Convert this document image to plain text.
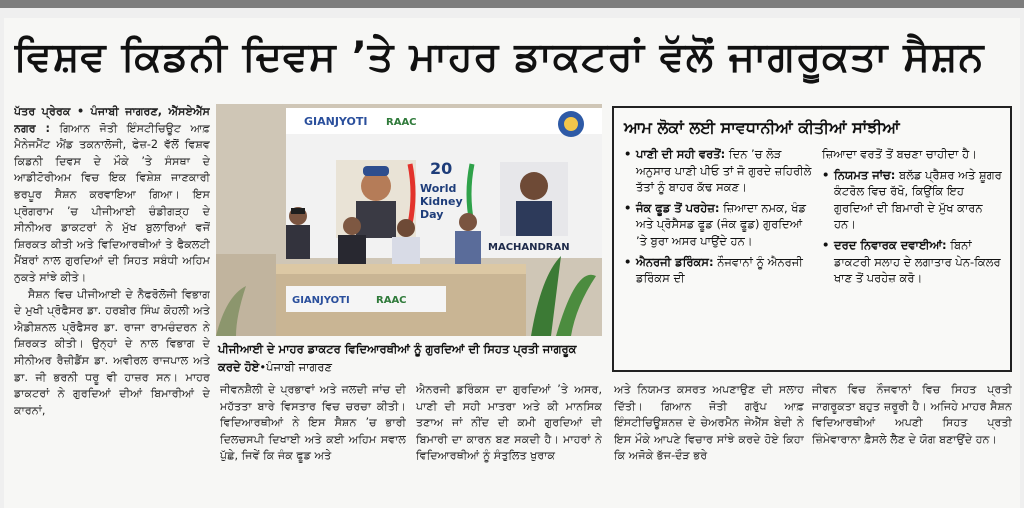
ਵਿਸ਼ਵ ਕਿਡਨੀ ਦਿਵਸ ’ਤੇ ਮਾਹਰ ਡਾਕਟਰਾਂ ਵੱਲੋਂ ਜਾਗਰੂਕਤਾ ਸੈਸ਼ਨ

ਪੱਤਰ ਪ੍ਰੇਰਕ • ਪੰਜਾਬੀ ਜਾਗਰਣ, ਐੱਸਏਐੱਸ ਨਗਰ : ਗਿਆਨ ਜੋਤੀ ਇੰਸਟੀਚਿਊਟ ਆਫ਼ ਮੈਨੇਜਮੈਂਟ ਐਂਡ ਤਕਨਾਲੋਜੀ, ਫੇਜ਼-2 ਵੱਲੋਂ ਵਿਸ਼ਵ ਕਿਡਨੀ ਦਿਵਸ ਦੇ ਮੌਕੇ ’ਤੇ ਸੰਸਥਾ ਦੇ ਆਡੀਟੋਰੀਅਮ ਵਿਚ ਇਕ ਵਿਸ਼ੇਸ਼ ਜਾਣਕਾਰੀ ਭਰਪੂਰ ਸੈਸ਼ਨ ਕਰਵਾਇਆ ਗਿਆ। ਇਸ ਪ੍ਰੋਗਰਾਮ ’ਚ ਪੀਜੀਆਈ ਚੰਡੀਗੜ੍ਹ ਦੇ ਸੀਨੀਅਰ ਡਾਕਟਰਾਂ ਨੇ ਮੁੱਖ ਬੁਲਾਰਿਆਂ ਵਜੋਂ ਸ਼ਿਰਕਤ ਕੀਤੀ ਅਤੇ ਵਿਦਿਆਰਥੀਆਂ ਤੇ ਫੈਕਲਟੀ ਮੈਂਬਰਾਂ ਨਾਲ ਗੁਰਦਿਆਂ ਦੀ ਸਿਹਤ ਸਬੰਧੀ ਅਹਿਮ ਨੁਕਤੇ ਸਾਂਝੇ ਕੀਤੇ।

ਸੈਸ਼ਨ ਵਿਚ ਪੀਜੀਆਈ ਦੇ ਨੈਫਰੋਲੋਜੀ ਵਿਭਾਗ ਦੇ ਮੁਖੀ ਪ੍ਰੋਫੈਸਰ ਡਾ. ਹਰਬੀਰ ਸਿੰਘ ਕੋਹਲੀ ਅਤੇ ਐਡੀਸ਼ਨਲ ਪ੍ਰੋਫੈਸਰ ਡਾ. ਰਾਜਾ ਰਾਮਚੰਦਰਨ ਨੇ ਸ਼ਿਰਕਤ ਕੀਤੀ। ਉਨ੍ਹਾਂ ਦੇ ਨਾਲ ਵਿਭਾਗ ਦੇ ਸੀਨੀਅਰ ਰੈਜ਼ੀਡੈਂਸ ਡਾ. ਅਵੀਰਲ ਰਾਜਪਾਲ ਅਤੇ ਡਾ. ਜੀ ਭਰਨੀ ਧਰੂ ਵੀ ਹਾਜ਼ਰ ਸਨ। ਮਾਹਰ ਡਾਕਟਰਾਂ ਨੇ ਗੁਰਦਿਆਂ ਦੀਆਂ ਬਿਮਾਰੀਆਂ ਦੇ ਕਾਰਨਾਂ,

GIANJYOTI RAAC
20
World
Kidney
Day
MACHANDRAN
GIANJYOTI	RAAC
ਪੀਜੀਆਈ ਦੇ ਮਾਹਰ ਡਾਕਟਰ ਵਿਦਿਆਰਥੀਆਂ ਨੂੰ ਗੁਰਦਿਆਂ ਦੀ ਸਿਹਤ ਪ੍ਰਤੀ ਜਾਗਰੂਕ ਕਰਦੇ ਹੋਏ•ਪੰਜਾਬੀ ਜਾਗਰਣ
ਆਮ ਲੋਕਾਂ ਲਈ ਸਾਵਧਾਨੀਆਂ ਕੀਤੀਆਂ ਸਾਂਝੀਆਂ

• ਪਾਣੀ ਦੀ ਸਹੀ ਵਰਤੋਂ: ਦਿਨ ’ਚ ਲੋੜ ਅਨੁਸਾਰ ਪਾਣੀ ਪੀਓ ਤਾਂ ਜੋ ਗੁਰਦੇ ਜ਼ਹਿਰੀਲੇ ਤੱਤਾਂ ਨੂੰ ਬਾਹਰ ਕੱਢ ਸਕਣ।

• ਜੰਕ ਫੂਡ ਤੋਂ ਪਰਹੇਜ਼: ਜ਼ਿਆਦਾ ਨਮਕ, ਖੰਡ ਅਤੇ ਪ੍ਰੋਸੈਸਡ ਫੂਡ (ਜੰਕ ਫੂਡ) ਗੁਰਦਿਆਂ ’ਤੇ ਬੁਰਾ ਅਸਰ ਪਾਉਂਦੇ ਹਨ।

• ਐਨਰਜੀ ਡਰਿੰਕਸ: ਨੌਜਵਾਨਾਂ ਨੂੰ ਐਨਰਜੀ ਡਰਿੰਕਸ ਦੀ

ਜ਼ਿਆਦਾ ਵਰਤੋਂ ਤੋਂ ਬਚਣਾ ਚਾਹੀਦਾ ਹੈ।

• ਨਿਯਮਤ ਜਾਂਚ: ਬਲੱਡ ਪ੍ਰੈਸ਼ਰ ਅਤੇ ਸ਼ੂਗਰ ਕੰਟਰੋਲ ਵਿਚ ਰੱਖੋ, ਕਿਉਂਕਿ ਇਹ ਗੁਰਦਿਆਂ ਦੀ ਬਿਮਾਰੀ ਦੇ ਮੁੱਖ ਕਾਰਨ ਹਨ।

• ਦਰਦ ਨਿਵਾਰਕ ਦਵਾਈਆਂ: ਬਿਨਾਂ ਡਾਕਟਰੀ ਸਲਾਹ ਦੇ ਲਗਾਤਾਰ ਪੇਨ-ਕਿਲਰ ਖਾਣ ਤੋਂ ਪਰਹੇਜ਼ ਕਰੋ।

ਜੀਵਨਸ਼ੈਲੀ ਦੇ ਪ੍ਰਭਾਵਾਂ ਅਤੇ ਜਲਦੀ ਜਾਂਚ ਦੀ ਮਹੱਤਤਾ ਬਾਰੇ ਵਿਸਤਾਰ ਵਿਚ ਚਰਚਾ ਕੀਤੀ। ਵਿਦਿਆਰਥੀਆਂ ਨੇ ਇਸ ਸੈਸ਼ਨ ’ਚ ਭਾਰੀ ਦਿਲਚਸਪੀ ਦਿਖਾਈ ਅਤੇ ਕਈ ਅਹਿਮ ਸਵਾਲ ਪੁੱਛੇ, ਜਿਵੇਂ ਕਿ ਜੰਕ ਫੂਡ ਅਤੇ

ਐਨਰਜੀ ਡਰਿੰਕਸ ਦਾ ਗੁਰਦਿਆਂ ’ਤੇ ਅਸਰ, ਪਾਣੀ ਦੀ ਸਹੀ ਮਾਤਰਾ ਅਤੇ ਕੀ ਮਾਨਸਿਕ ਤਣਾਅ ਜਾਂ ਨੀਂਦ ਦੀ ਕਮੀ ਗੁਰਦਿਆਂ ਦੀ ਬਿਮਾਰੀ ਦਾ ਕਾਰਨ ਬਣ ਸਕਦੀ ਹੈ। ਮਾਹਰਾਂ ਨੇ ਵਿਦਿਆਰਥੀਆਂ ਨੂੰ ਸੰਤੁਲਿਤ ਖੁਰਾਕ

ਅਤੇ ਨਿਯਮਤ ਕਸਰਤ ਅਪਣਾਉਣ ਦੀ ਸਲਾਹ ਦਿੱਤੀ। ਗਿਆਨ ਜੋਤੀ ਗਰੁੱਪ ਆਫ਼ ਇੰਸਟੀਚਿਊਸ਼ਨਜ਼ ਦੇ ਚੇਅਰਮੈਨ ਜੇਐੱਸ ਬੇਦੀ ਨੇ ਇਸ ਮੌਕੇ ਆਪਣੇ ਵਿਚਾਰ ਸਾਂਝੇ ਕਰਦੇ ਹੋਏ ਕਿਹਾ ਕਿ ਅਜੋਕੇ ਭੱਜ-ਦੌੜ ਭਰੇ

ਜੀਵਨ ਵਿਚ ਨੌਜਵਾਨਾਂ ਵਿਚ ਸਿਹਤ ਪ੍ਰਤੀ ਜਾਗਰੂਕਤਾ ਬਹੁਤ ਜ਼ਰੂਰੀ ਹੈ। ਅਜਿਹੇ ਮਾਹਰ ਸੈਸ਼ਨ ਵਿਦਿਆਰਥੀਆਂ ਅਪਣੀ ਸਿਹਤ ਪ੍ਰਤੀ ਜ਼ਿੰਮੇਵਾਰਾਨਾ ਫ਼ੈਸਲੇ ਲੈਣ ਦੇ ਯੋਗ ਬਣਾਉਂਦੇ ਹਨ।
